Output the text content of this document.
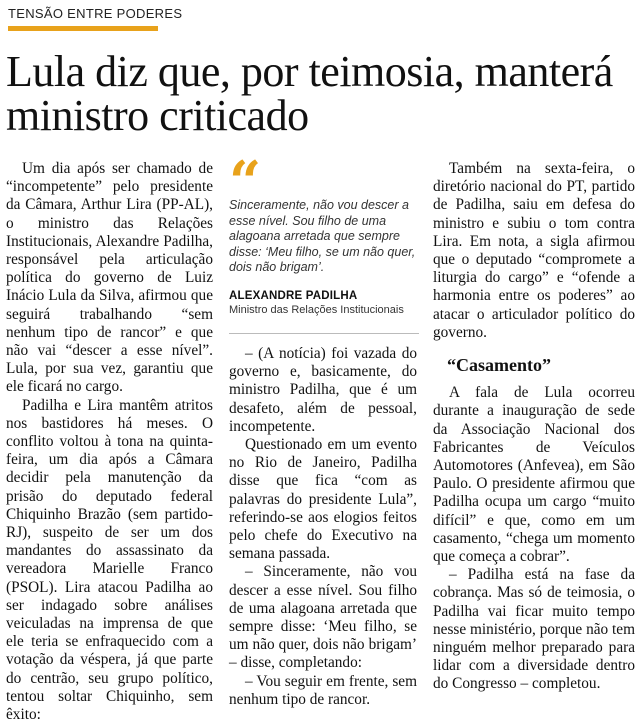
TENSÃO ENTRE PODERES
Lula diz que, por teimosia, manterá ministro criticado

Um dia após ser chamado de “incompetente” pelo presidente da Câmara, Arthur Lira (PP-AL), o ministro das Relações Institucionais, Alexandre Padilha, responsável pela articulação política do governo de Luiz Inácio Lula da Silva, afirmou que seguirá trabalhando “sem nenhum tipo de rancor” e que não vai “descer a esse nível”. Lula, por sua vez, garantiu que ele ficará no cargo.

Padilha e Lira mantêm atritos nos bastidores há meses. O conflito voltou à tona na quinta-feira, um dia após a Câmara decidir pela manutenção da prisão do deputado federal Chiquinho Brazão (sem partido-RJ), suspeito de ser um dos mandantes do assassinato da vereadora Marielle Franco (PSOL). Lira atacou Padilha ao ser indagado sobre análises veiculadas na imprensa de que ele teria se enfraquecido com a votação da véspera, já que parte do centrão, seu grupo político, tentou soltar Chiquinho, sem êxito:

“
Sinceramente, não vou descer a esse nível. Sou filho de uma alagoana arretada que sempre disse: ‘Meu filho, se um não quer, dois não brigam’.
ALEXANDRE PADILHA
Ministro das Relações Institucionais

– (A notícia) foi vazada do governo e, basicamente, do ministro Padilha, que é um desafeto, além de pessoal, incompetente.

Questionado em um evento no Rio de Janeiro, Padilha disse que fica “com as palavras do presidente Lula”, referindo-se aos elogios feitos pelo chefe do Executivo na semana passada.

– Sinceramente, não vou descer a esse nível. Sou filho de uma alagoana arretada que sempre disse: ‘Meu filho, se um não quer, dois não brigam’ – disse, completando:

– Vou seguir em frente, sem nenhum tipo de rancor.

Também na sexta-feira, o diretório nacional do PT, partido de Padilha, saiu em defesa do ministro e subiu o tom contra Lira. Em nota, a sigla afirmou que o deputado “compromete a liturgia do cargo” e “ofende a harmonia entre os poderes” ao atacar o articulador político do governo.

“Casamento”

A fala de Lula ocorreu durante a inauguração de sede da Associação Nacional dos Fabricantes de Veículos Automotores (Anfevea), em São Paulo. O presidente afirmou que Padilha ocupa um cargo “muito difícil” e que, como em um casamento, “chega um momento que começa a cobrar”.

– Padilha está na fase da cobrança. Mas só de teimosia, o Padilha vai ficar muito tempo nesse ministério, porque não tem ninguém melhor preparado para lidar com a diversidade dentro do Congresso – completou.
